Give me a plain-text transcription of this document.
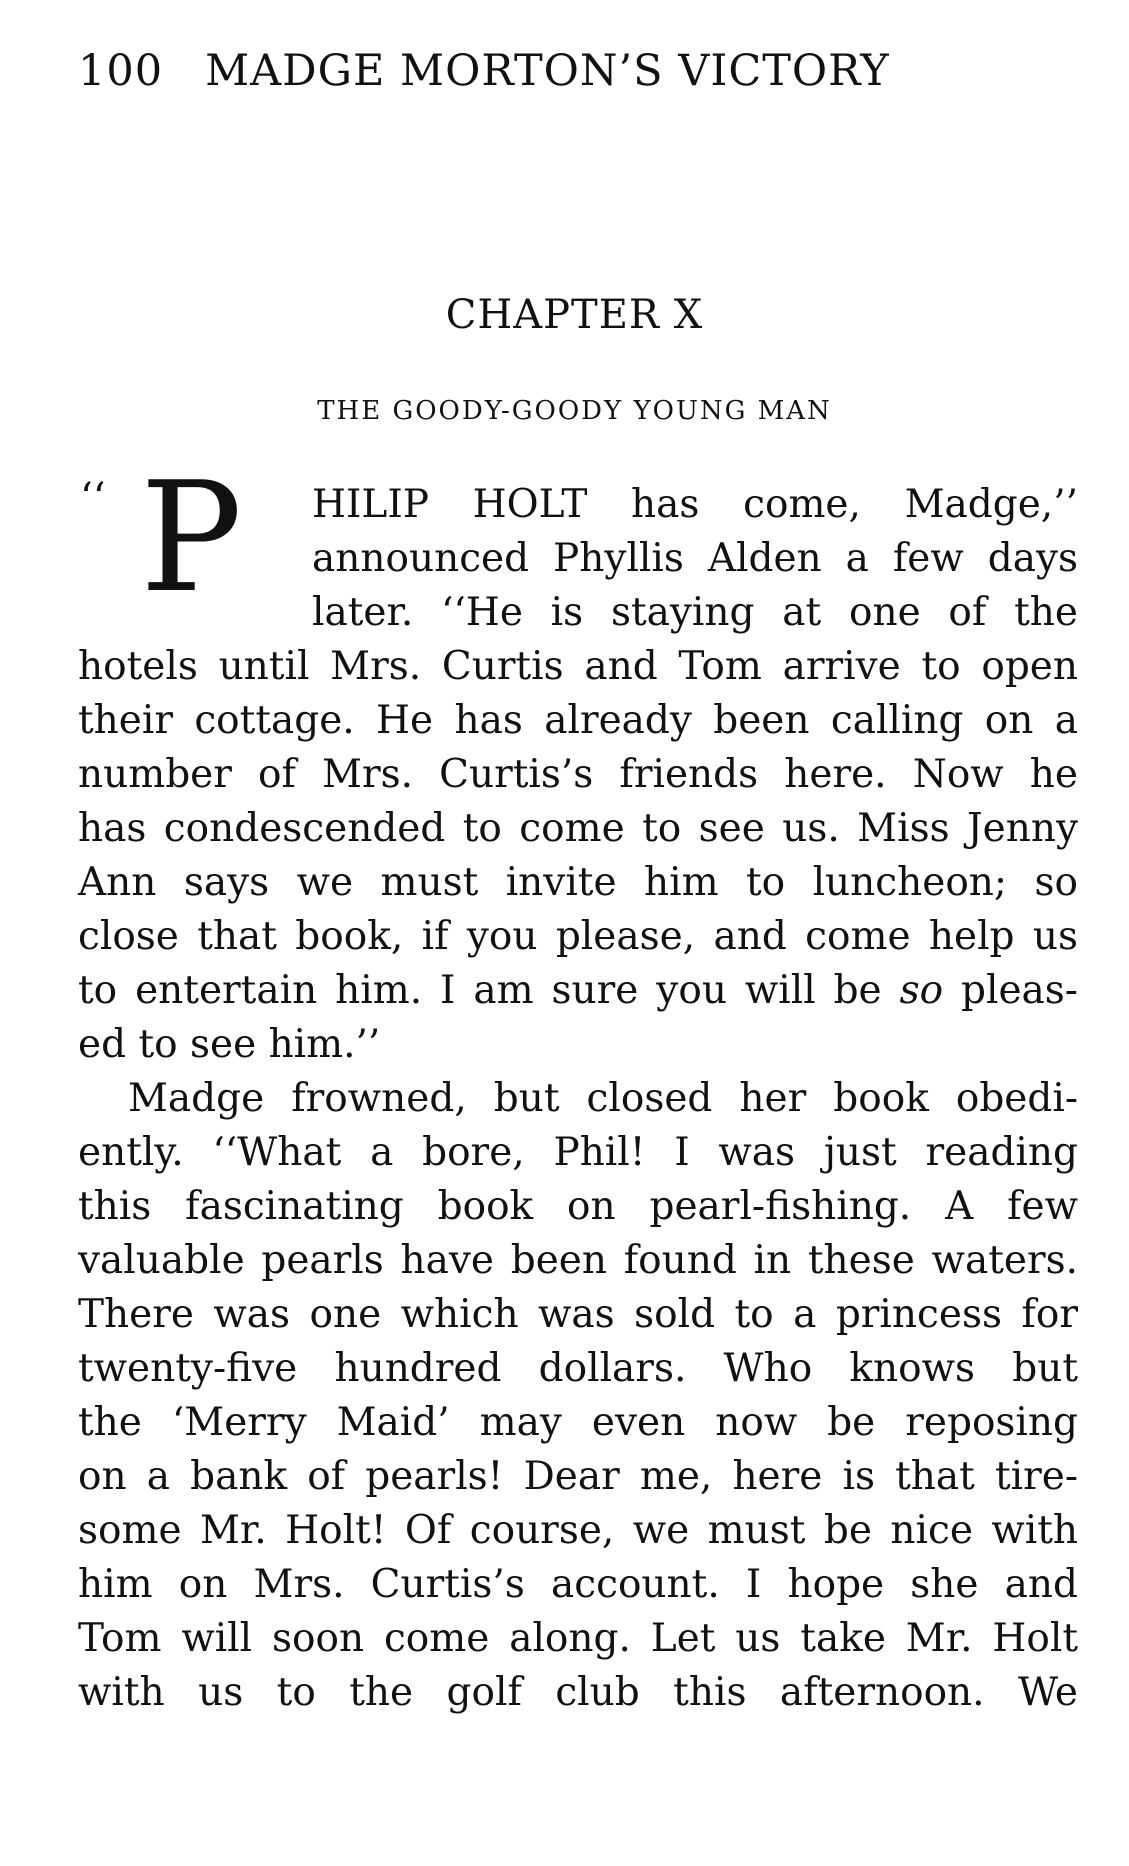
100 MADGE MORTON’S VICTORY
CHAPTER X
THE GOODY-GOODY YOUNG MAN
‘‘ P HILIP HOLT has come, Madge,’’
announced Phyllis Alden a few days
later. ‘‘He is staying at one of the
hotels until Mrs. Curtis and Tom arrive to open
their cottage. He has already been calling on a
number of Mrs. Curtis’s friends here. Now he
has condescended to come to see us. Miss Jenny
Ann says we must invite him to luncheon; so
close that book, if you please, and come help us
to entertain him. I am sure you will be so pleas-
ed to see him.’’
Madge frowned, but closed her book obedi-
ently. ‘‘What a bore, Phil! I was just reading
this fascinating book on pearl-fishing. A few
valuable pearls have been found in these waters.
There was one which was sold to a princess for
twenty-five hundred dollars. Who knows but
the ‘Merry Maid’ may even now be reposing
on a bank of pearls! Dear me, here is that tire-
some Mr. Holt! Of course, we must be nice with
him on Mrs. Curtis’s account. I hope she and
Tom will soon come along. Let us take Mr. Holt
with us to the golf club this afternoon. We
